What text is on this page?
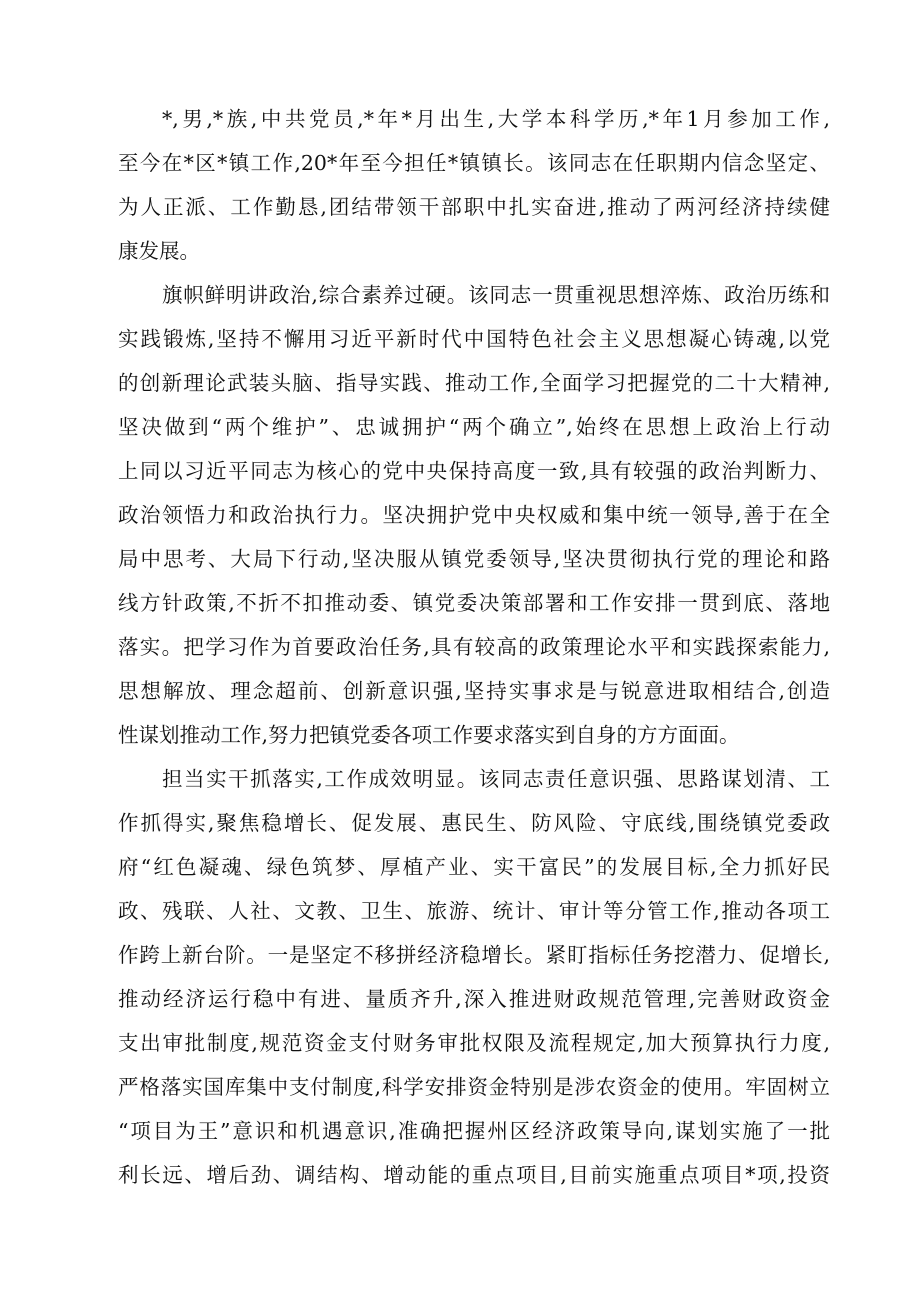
*,男,*族,中共党员,*年*月出生,大学本科学历,*年1月参加工作,
至今在*区*镇工作,20*年至今担任*镇镇长。该同志在任职期内信念坚定、
为人正派、工作勤恳,团结带领干部职中扎实奋进,推动了两河经济持续健
康发展。
旗帜鲜明讲政治,综合素养过硬。该同志一贯重视思想淬炼、政治历练和
实践锻炼,坚持不懈用习近平新时代中国特色社会主义思想凝心铸魂,以党
的创新理论武装头脑、指导实践、推动工作,全面学习把握党的二十大精神,
坚决做到“两个维护”、忠诚拥护“两个确立”,始终在思想上政治上行动
上同以习近平同志为核心的党中央保持高度一致,具有较强的政治判断力、
政治领悟力和政治执行力。坚决拥护党中央权威和集中统一领导,善于在全
局中思考、大局下行动,坚决服从镇党委领导,坚决贯彻执行党的理论和路
线方针政策,不折不扣推动委、镇党委决策部署和工作安排一贯到底、落地
落实。把学习作为首要政治任务,具有较高的政策理论水平和实践探索能力,
思想解放、理念超前、创新意识强,坚持实事求是与锐意进取相结合,创造
性谋划推动工作,努力把镇党委各项工作要求落实到自身的方方面面。
担当实干抓落实,工作成效明显。该同志责任意识强、思路谋划清、工
作抓得实,聚焦稳增长、促发展、惠民生、防风险、守底线,围绕镇党委政
府“红色凝魂、绿色筑梦、厚植产业、实干富民”的发展目标,全力抓好民
政、残联、人社、文教、卫生、旅游、统计、审计等分管工作,推动各项工
作跨上新台阶。一是坚定不移拼经济稳增长。紧盯指标任务挖潜力、促增长,
推动经济运行稳中有进、量质齐升,深入推进财政规范管理,完善财政资金
支出审批制度,规范资金支付财务审批权限及流程规定,加大预算执行力度,
严格落实国库集中支付制度,科学安排资金特别是涉农资金的使用。牢固树立
“项目为王”意识和机遇意识,准确把握州区经济政策导向,谋划实施了一批
利长远、增后劲、调结构、增动能的重点项目,目前实施重点项目*项,投资
